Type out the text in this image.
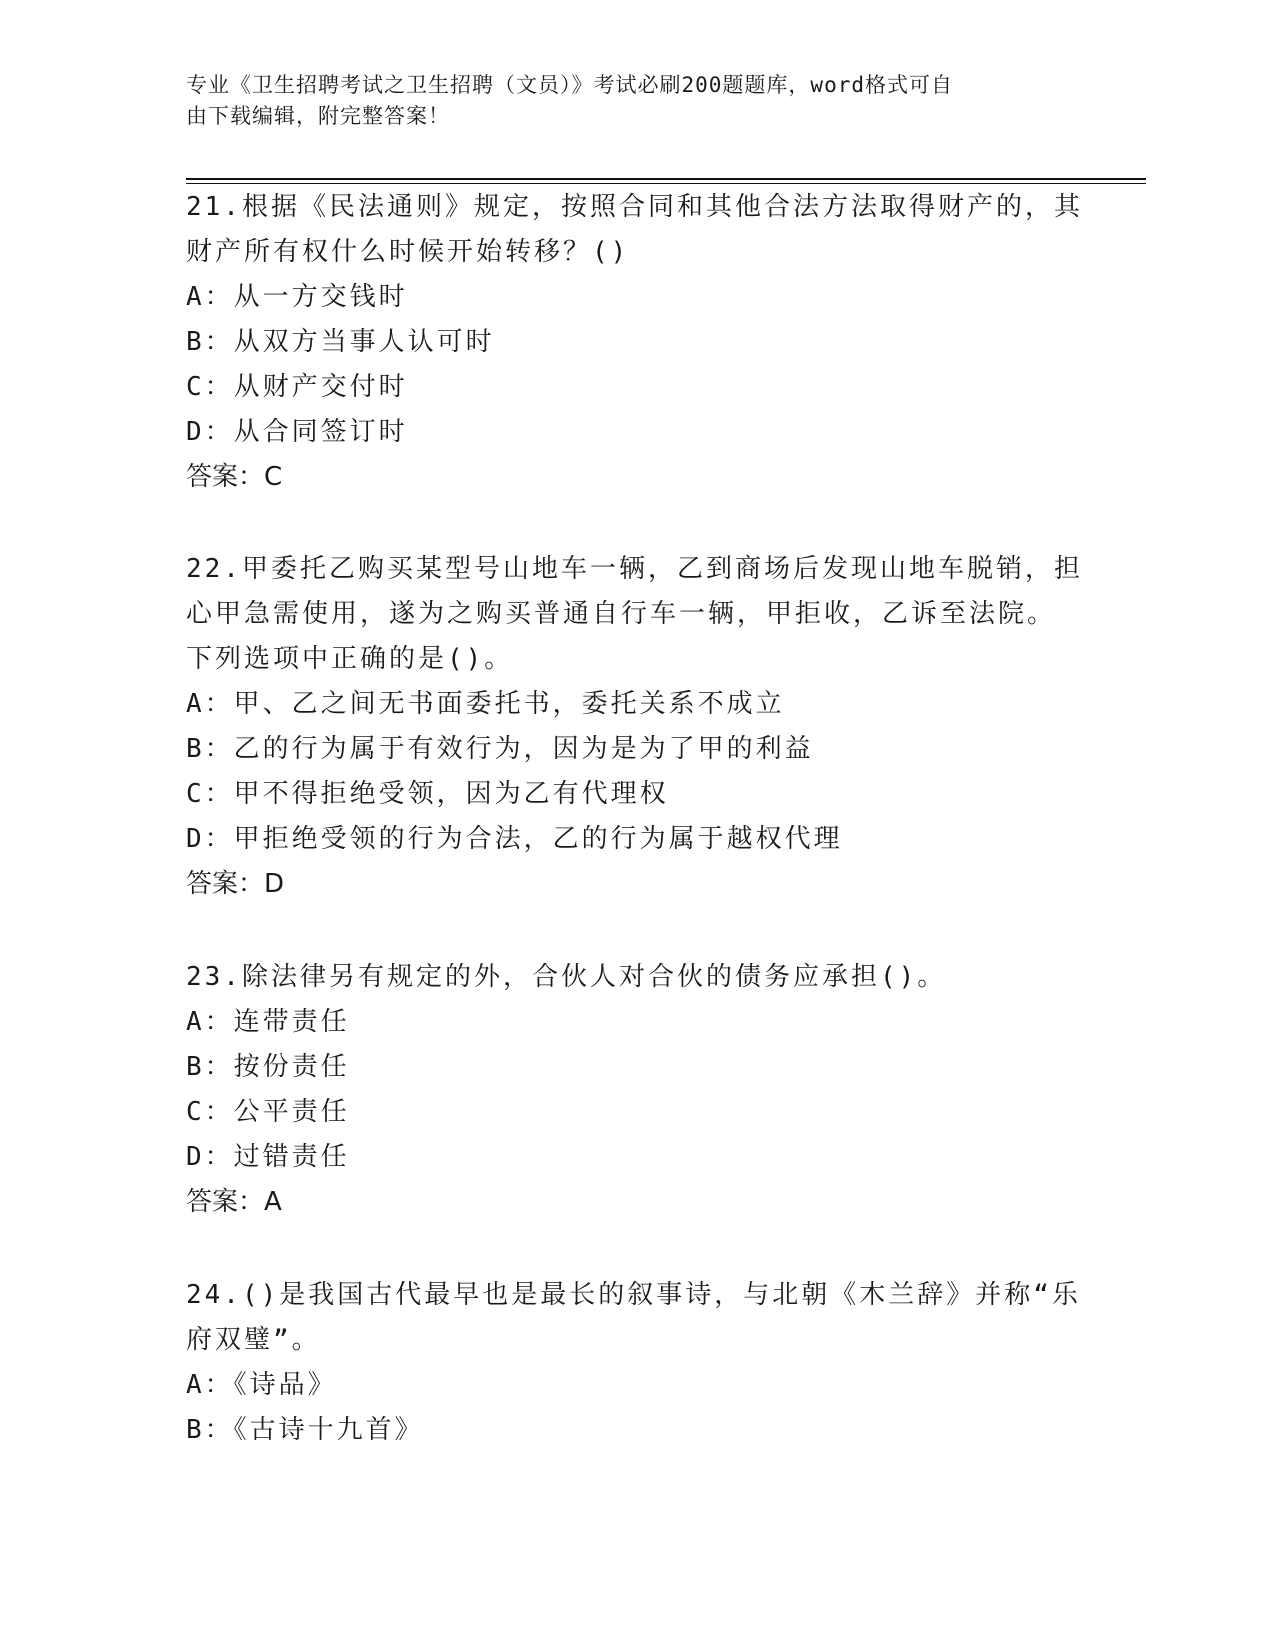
专业《卫生招聘考试之卫生招聘（文员）》考试必刷200题题库，word格式可自

由下载编辑，附完整答案！

21.根据《民法通则》规定，按照合同和其他合法方法取得财产的，其

财产所有权什么时候开始转移？()

A：从一方交钱时

B：从双方当事人认可时

C：从财产交付时

D：从合同签订时

答案：C

22.甲委托乙购买某型号山地车一辆，乙到商场后发现山地车脱销，担

心甲急需使用，遂为之购买普通自行车一辆，甲拒收，乙诉至法院。

下列选项中正确的是()。

A：甲、乙之间无书面委托书，委托关系不成立

B：乙的行为属于有效行为，因为是为了甲的利益

C：甲不得拒绝受领，因为乙有代理权

D：甲拒绝受领的行为合法，乙的行为属于越权代理

答案：D

23.除法律另有规定的外，合伙人对合伙的债务应承担()。

A：连带责任

B：按份责任

C：公平责任

D：过错责任

答案：A

24.()是我国古代最早也是最长的叙事诗，与北朝《木兰辞》并称“乐

府双璧”。

A：《诗品》

B：《古诗十九首》
